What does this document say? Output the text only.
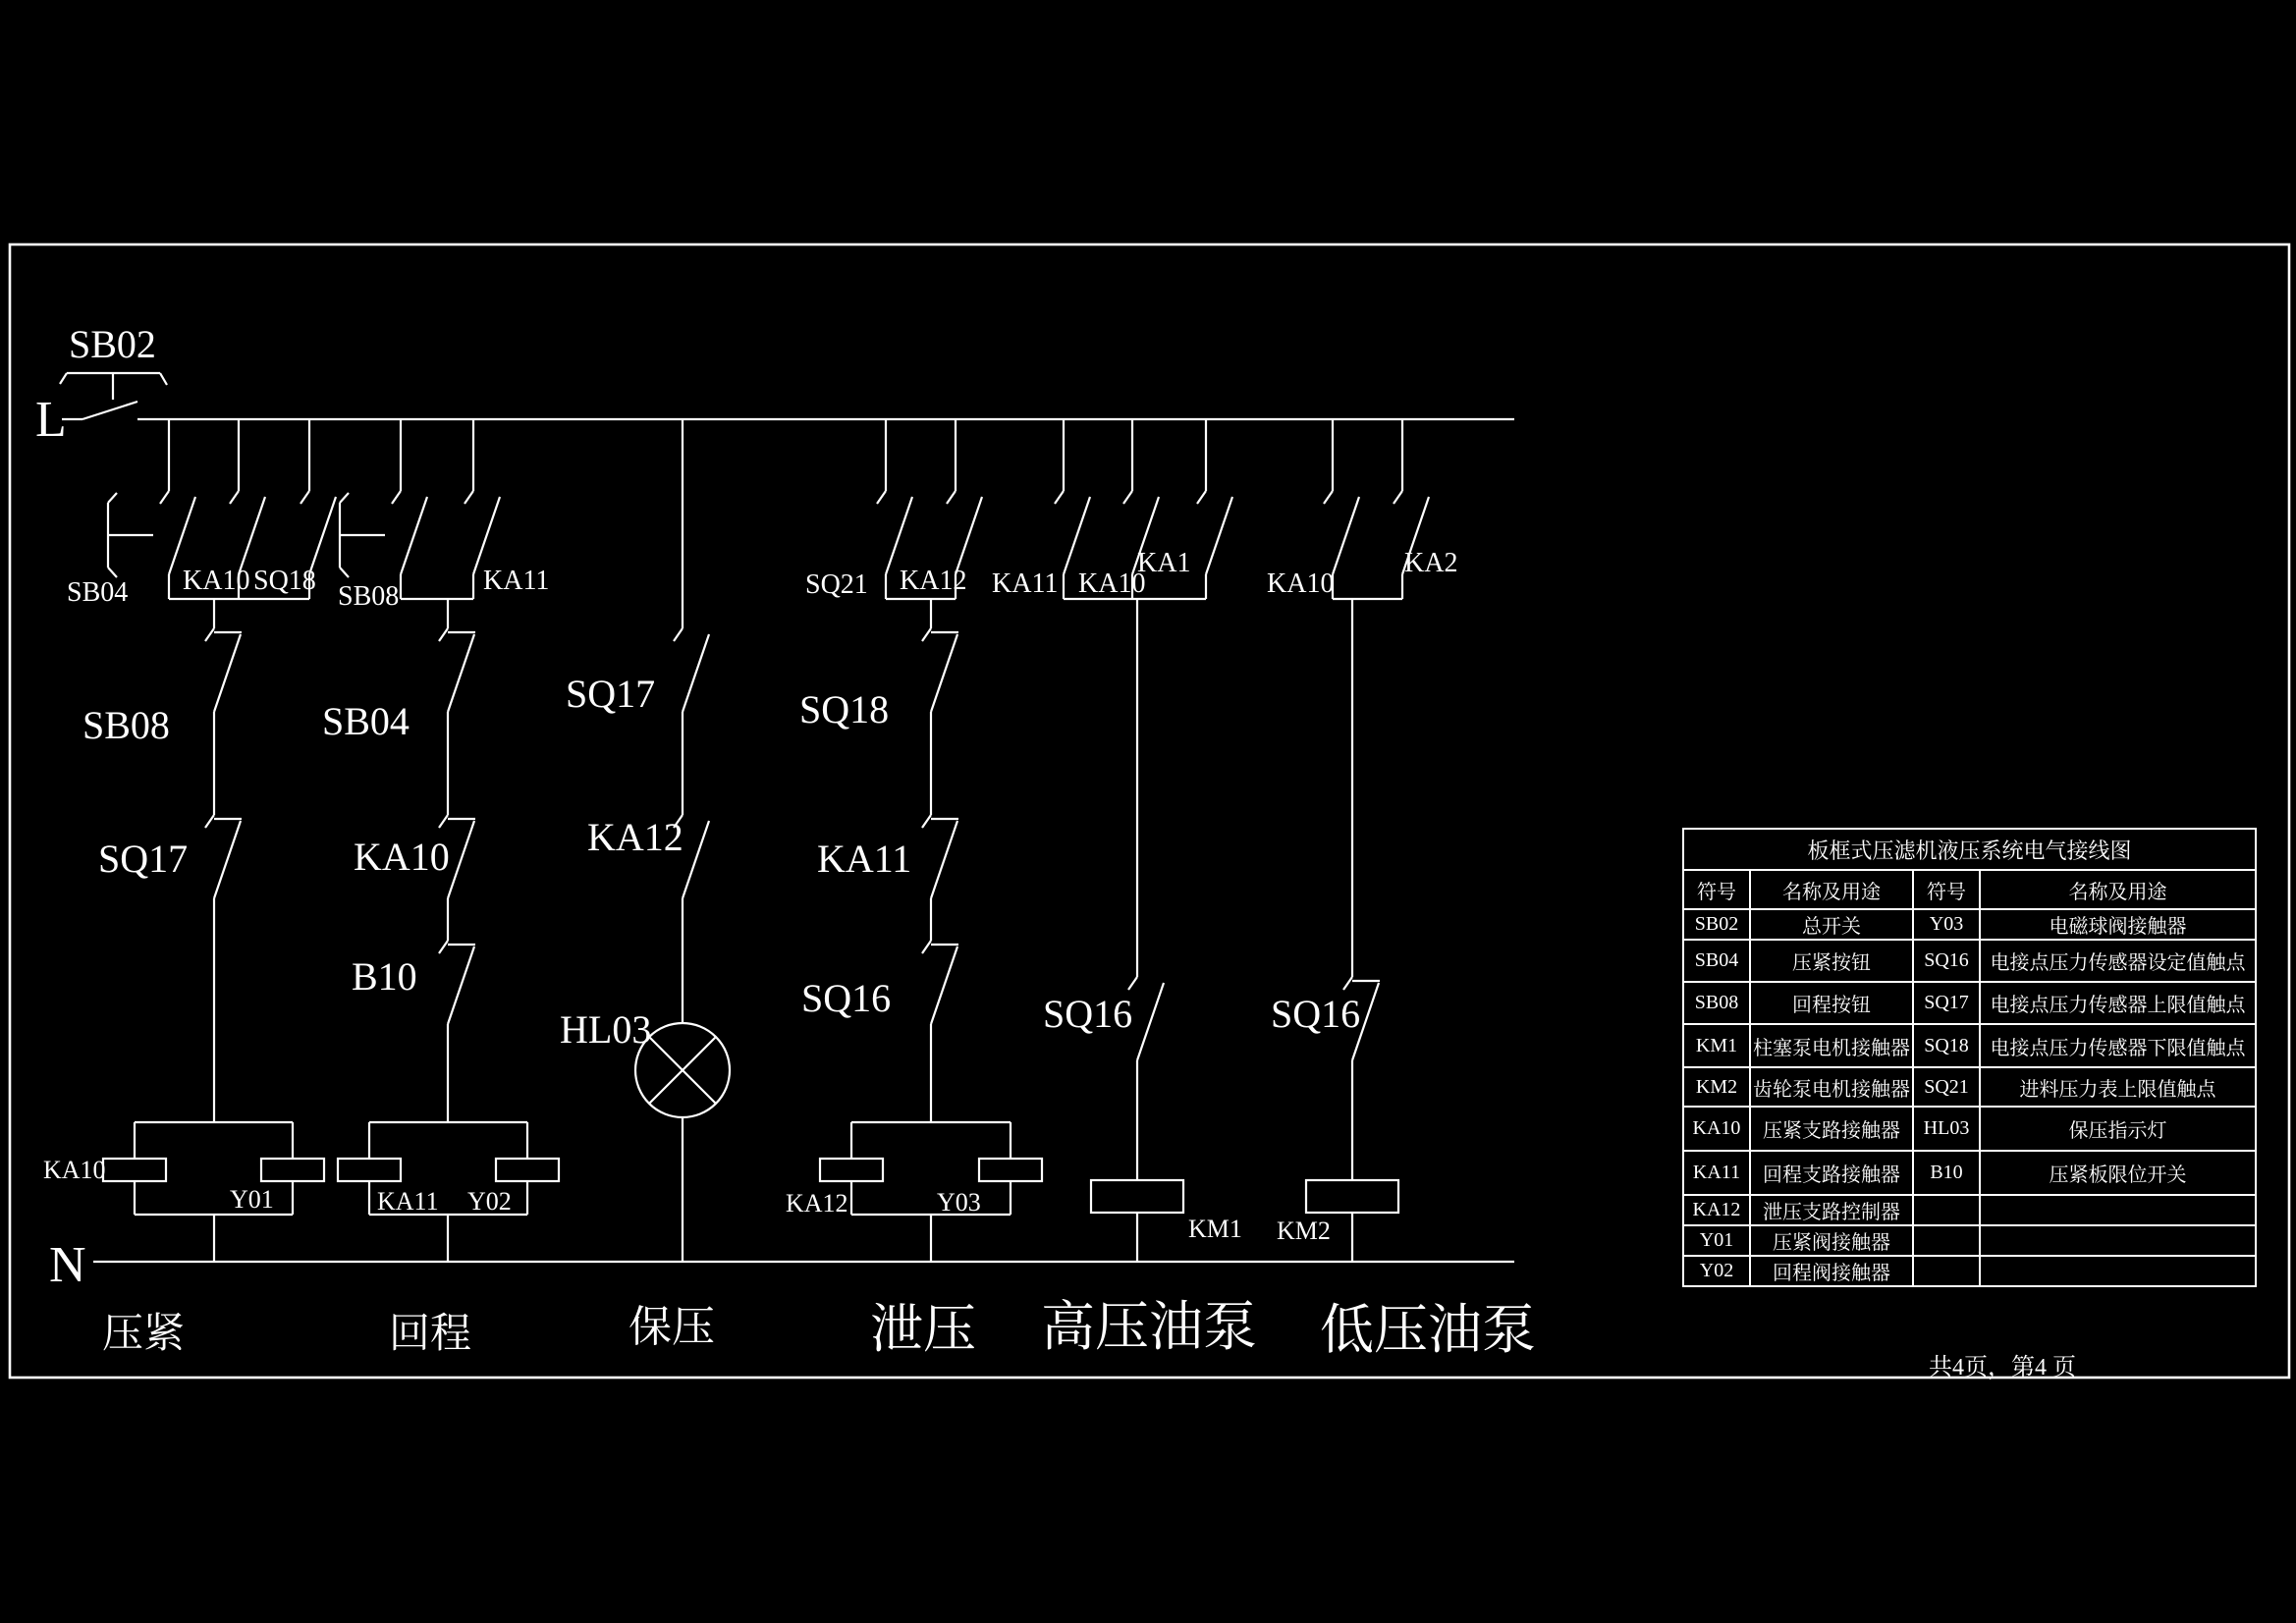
L
N
SB02
SB04 KA10 SQ18
SB08
SQ17
KA10
Y01
压紧
SB08
KA11
SB04
KA10
B10
KA11 Y02
回程
SQ17
KA12
HL03
保压
SQ21 KA12
SQ18
KA11
SQ16
KA12	Y03
泄压
KA11 KA10
KA1
SQ16
KM1
高压油泵
KA10
KA2
SQ16
KM2
低压油泵
板框式压滤机液压系统电气接线图			
符号	名称及用途	符号	名称及用途
SB02	总开关	Y03	电磁球阀接触器
SB04	压紧按钮	SQ16	电接点压力传感器设定值触点
SB08	回程按钮	SQ17	电接点压力传感器上限值触点
KM1	柱塞泵电机接触器	SQ18	电接点压力传感器下限值触点
KM2	齿轮泵电机接触器	SQ21	进料压力表上限值触点
KA10	压紧支路接触器	HL03	保压指示灯
KA11	回程支路接触器	B10	压紧板限位开关
KA12	泄压支路控制器		
Y01	压紧阀接触器		
Y02	回程阀接触器		
共4页，第4 页
